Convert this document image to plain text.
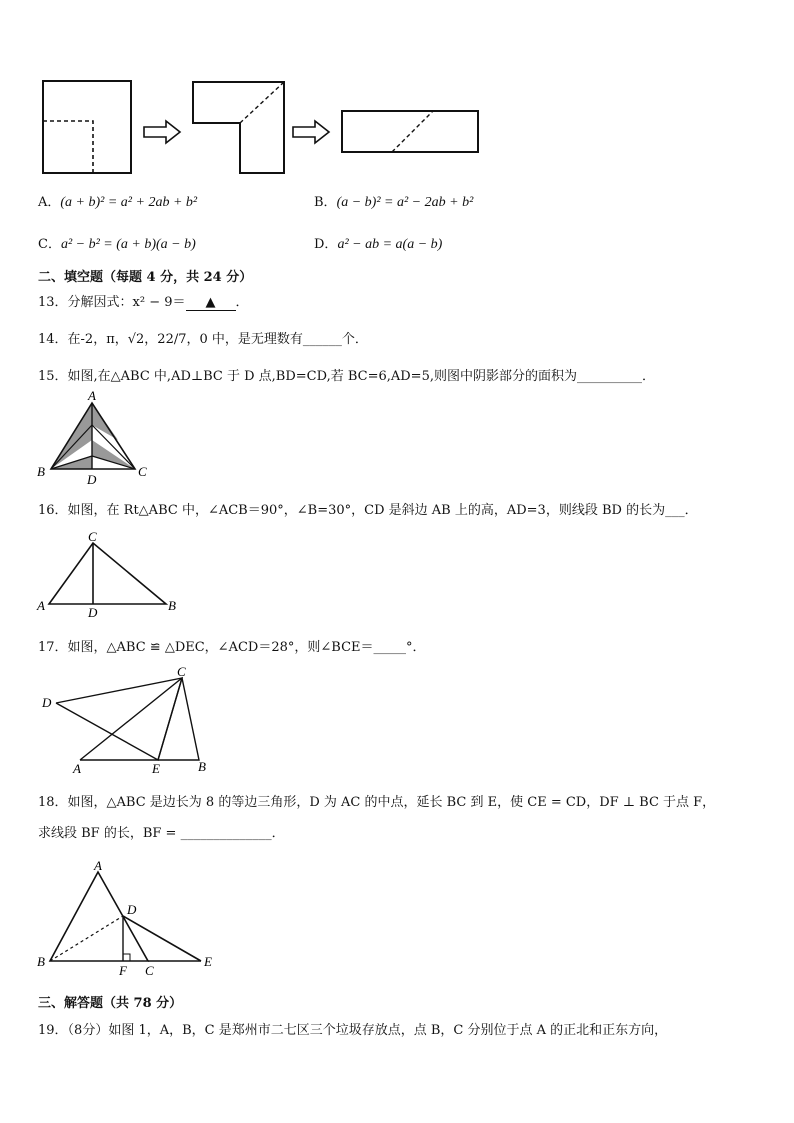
A．(a + b)² = a² + 2ab + b²	B．(a − b)² = a² − 2ab + b²
C．a² − b² = (a + b)(a − b)	D．a² − ab = a(a − b)
二、填空题（每题 4 分，共 24 分）
13．分解因式：x² − 9＝ ▲ ．
14．在-2，π，√2，22/7，0 中，是无理数有______个．
15．如图,在△ABC 中,AD⊥BC 于 D 点,BD=CD,若 BC=6,AD=5,则图中阴影部分的面积为__________．
A
B	C
D
16．如图，在 Rt△ABC 中，∠ACB＝90°，∠B=30°，CD 是斜边 AB 上的高，AD=3，则线段 BD 的长为___．
C
A	D	B
17．如图，△ABC ≌ △DEC，∠ACD＝28°，则∠BCE＝_____°．
C
D
A	E	B
18．如图，△ABC 是边长为 8 的等边三角形，D 为 AC 的中点，延长 BC 到 E，使 CE = CD，DF ⊥ BC 于点 F，
求线段 BF 的长，BF = ______________．
A
D
B
F C
E
三、解答题（共 78 分）
19．（8分）如图 1，A，B，C 是郑州市二七区三个垃圾存放点，点 B，C 分别位于点 A 的正北和正东方向，
